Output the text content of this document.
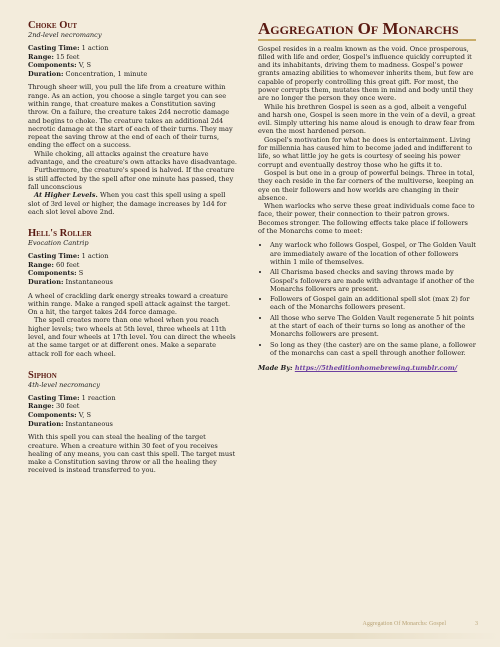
Choke Out
2nd-level necromancy
Casting Time: 1 action
Range: 15 feet
Components: V, S
Duration: Concentration, 1 minute

Through sheer will, you pull the life from a creature within range. As an action, you choose a single target you can see within range, that creature makes a Constitution saving throw. On a failure, the creature takes 2d4 necrotic damage and begins to choke. The creature takes an additional 2d4 necrotic damage at the start of each of their turns. They may repeat the saving throw at the end of each of their turns, ending the effect on a success.

While choking, all attacks against the creature have advantage, and the creature's own attacks have disadvantage.

Furthermore, the creature's speed is halved. If the creature is still affected by the spell after one minute has passed, they fall unconscious

At Higher Levels. When you cast this spell using a spell slot of 3rd level or higher, the damage increases by 1d4 for each slot level above 2nd.

Hell's Roller
Evocation Cantrip
Casting Time: 1 action
Range: 60 feet
Components: S
Duration: Instantaneous

A wheel of crackling dark energy streaks toward a creature within range. Make a ranged spell attack against the target. On a hit, the target takes 2d4 force damage.

The spell creates more than one wheel when you reach higher levels; two wheels at 5th level, three wheels at 11th level, and four wheels at 17th level. You can direct the wheels at the same target or at different ones. Make a separate attack roll for each wheel.

Siphon
4th-level necromancy
Casting Time: 1 reaction
Range: 30 feet
Components: V, S
Duration: Instantaneous

With this spell you can steal the healing of the target creature. When a creature within 30 feet of you receives healing of any means, you can cast this spell. The target must make a Constitution saving throw or all the healing they received is instead transferred to you.

Aggregation Of Monarchs

Gospel resides in a realm known as the void. Once prosperous, filled with life and order, Gospel's influence quickly corrupted it and its inhabitants, driving them to madness. Gospel's power grants amazing abilities to whomever inherits them, but few are capable of properly controlling this great gift. For most, the power corrupts them, mutates them in mind and body until they are no longer the person they once were.

While his brethren Gospel is seen as a god, albeit a vengeful and harsh one, Gospel is seen more in the vein of a devil, a great evil. Simply uttering his name aloud is enough to draw fear from even the most hardened person.

Gospel's motivation for what he does is entertainment. Living for millennia has caused him to become jaded and indifferent to life, so what little joy he gets is courtesy of seeing his power corrupt and eventually destroy those who he gifts it to.

Gospel is but one in a group of powerful beings. Three in total, they each reside in the far corners of the multiverse, keeping an eye on their followers and how worlds are changing in their absence.

When warlocks who serve these great individuals come face to face, their power, their connection to their patron grows. Becomes stronger. The following effects take place if followers of the Monarchs come to meet:

• Any warlock who follows Gospel, Gospel, or The Golden Vault are immediately aware of the location of other followers within 1 mile of themselves.
• All Charisma based checks and saving throws made by Gospel's followers are made with advantage if another of the Monarchs followers are present.
• Followers of Gospel gain an additional spell slot (max 2) for each of the Monarchs followers present.
• All those who serve The Golden Vault regenerate 5 hit points at the start of each of their turns so long as another of the Monarchs followers are present.
• So long as they (the caster) are on the same plane, a follower of the monarchs can cast a spell through another follower.
Made By: https://5theditionhomebrewing.tumblr.com/
Aggregation Of Monarchs: Gospel	3
